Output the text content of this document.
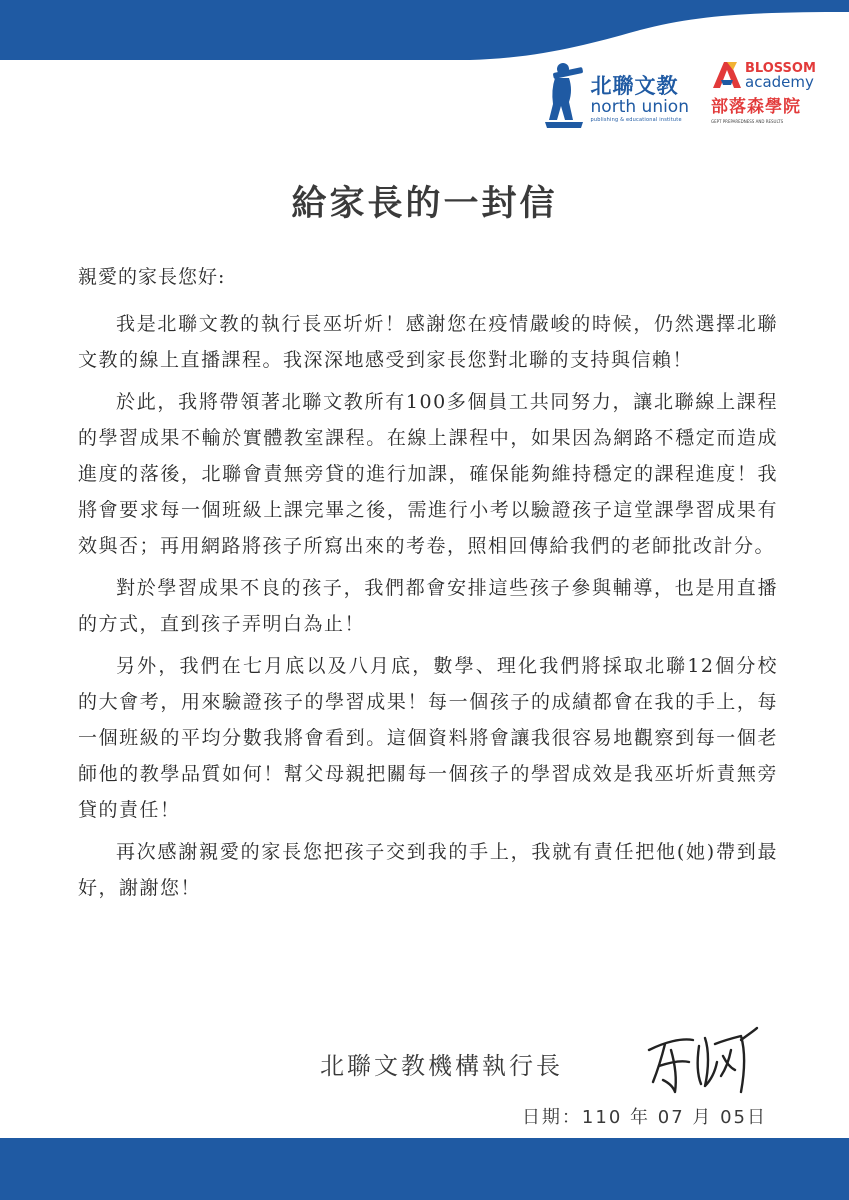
北聯文教
north union
publishing & educational institute
BLOSSOM
academy
部落森學院
GEPT PREPAREDNESS AND RESULTS
給家長的一封信

親愛的家長您好:

我是北聯文教的執行長巫圻炘！感謝您在疫情嚴峻的時候，仍然選擇北聯文教的線上直播課程。我深深地感受到家長您對北聯的支持與信賴！

於此，我將帶領著北聯文教所有100多個員工共同努力，讓北聯線上課程的學習成果不輸於實體教室課程。在線上課程中，如果因為網路不穩定而造成進度的落後，北聯會責無旁貸的進行加課，確保能夠維持穩定的課程進度！我將會要求每一個班級上課完畢之後，需進行小考以驗證孩子這堂課學習成果有效與否；再用網路將孩子所寫出來的考卷，照相回傳給我們的老師批改計分。

對於學習成果不良的孩子，我們都會安排這些孩子參與輔導，也是用直播的方式，直到孩子弄明白為止！

另外，我們在七月底以及八月底，數學、理化我們將採取北聯12個分校的大會考，用來驗證孩子的學習成果！每一個孩子的成績都會在我的手上，每一個班級的平均分數我將會看到。這個資料將會讓我很容易地觀察到每一個老師他的教學品質如何！幫父母親把關每一個孩子的學習成效是我巫圻炘責無旁貸的責任！

再次感謝親愛的家長您把孩子交到我的手上，我就有責任把他(她)帶到最好，謝謝您！

北聯文教機構執行長
日期：110 年 07 月 05日
